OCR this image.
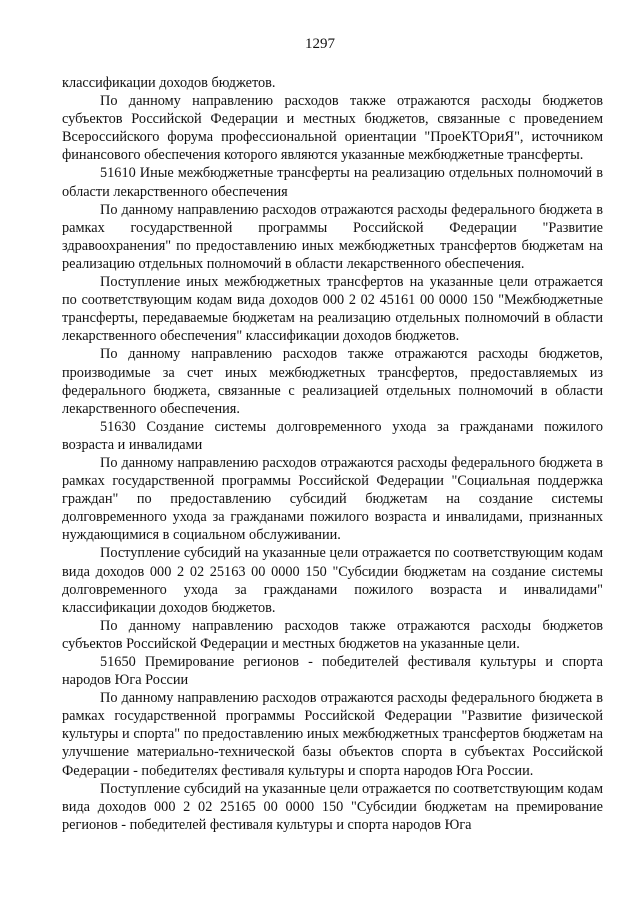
1297

классификации доходов бюджетов.

По данному направлению расходов также отражаются расходы бюджетов субъектов Российской Федерации и местных бюджетов, связанные с проведением Всероссийского форума профессиональной ориентации "ПроеКТОриЯ", источником финансового обеспечения которого являются указанные межбюджетные трансферты.

51610 Иные межбюджетные трансферты на реализацию отдельных полномочий в области лекарственного обеспечения

По данному направлению расходов отражаются расходы федерального бюджета в рамках государственной программы Российской Федерации "Развитие здравоохранения" по предоставлению иных межбюджетных трансфертов бюджетам на реализацию отдельных полномочий в области лекарственного обеспечения.

Поступление иных межбюджетных трансфертов на указанные цели отражается по соответствующим кодам вида доходов 000 2 02 45161 00 0000 150 "Межбюджетные трансферты, передаваемые бюджетам на реализацию отдельных полномочий в области лекарственного обеспечения" классификации доходов бюджетов.

По данному направлению расходов также отражаются расходы бюджетов, производимые за счет иных межбюджетных трансфертов, предоставляемых из федерального бюджета, связанные с реализацией отдельных полномочий в области лекарственного обеспечения.

51630 Создание системы долговременного ухода за гражданами пожилого возраста и инвалидами

По данному направлению расходов отражаются расходы федерального бюджета в рамках государственной программы Российской Федерации "Социальная поддержка граждан" по предоставлению субсидий бюджетам на создание системы долговременного ухода за гражданами пожилого возраста и инвалидами, признанных нуждающимися в социальном обслуживании.

Поступление субсидий на указанные цели отражается по соответствующим кодам вида доходов 000 2 02 25163 00 0000 150 "Субсидии бюджетам на создание системы долговременного ухода за гражданами пожилого возраста и инвалидами" классификации доходов бюджетов.

По данному направлению расходов также отражаются расходы бюджетов субъектов Российской Федерации и местных бюджетов на указанные цели.

51650 Премирование регионов - победителей фестиваля культуры и спорта народов Юга России

По данному направлению расходов отражаются расходы федерального бюджета в рамках государственной программы Российской Федерации "Развитие физической культуры и спорта" по предоставлению иных межбюджетных трансфертов бюджетам на улучшение материально-технической базы объектов спорта в субъектах Российской Федерации - победителях фестиваля культуры и спорта народов Юга России.

Поступление субсидий на указанные цели отражается по соответствующим кодам вида доходов 000 2 02 25165 00 0000 150 "Субсидии бюджетам на премирование регионов - победителей фестиваля культуры и спорта народов Юга
